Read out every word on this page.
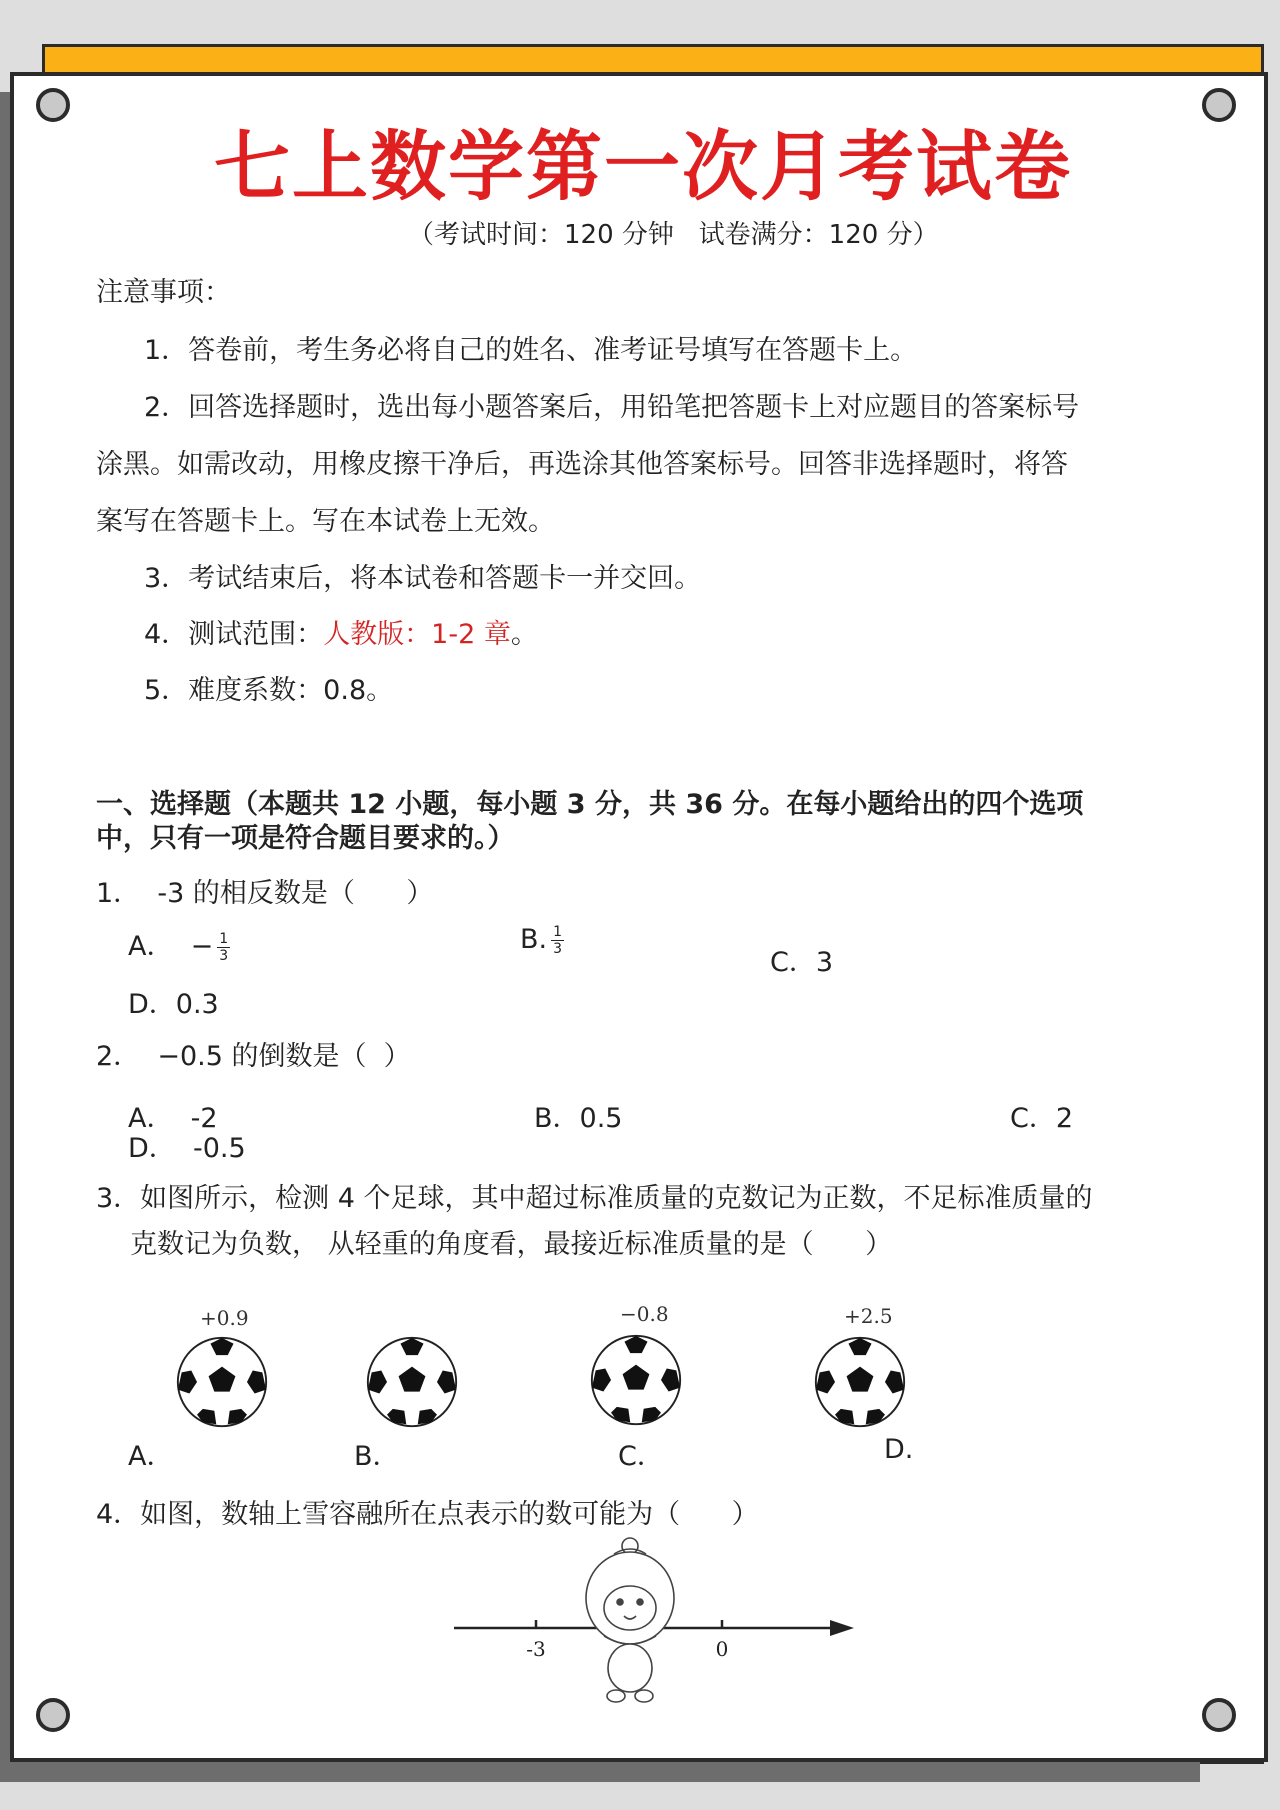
七上数学第一次月考试卷
（考试时间：120 分钟   试卷满分：120 分）
注意事项：
1．答卷前，考生务必将自己的姓名、准考证号填写在答题卡上。
2．回答选择题时，选出每小题答案后，用铅笔把答题卡上对应题目的答案标号
涂黑。如需改动，用橡皮擦干净后，再选涂其他答案标号。回答非选择题时，将答
案写在答题卡上。写在本试卷上无效。
3．考试结束后，将本试卷和答题卡一并交回。
4．测试范围：人教版：1-2 章。
5．难度系数：0.8。
一、选择题（本题共 12 小题，每小题 3 分，共 36 分。在每小题给出的四个选项
中，只有一项是符合题目要求的。）
1．  -3 的相反数是（      ）
A．  − $\frac{1}{3}$	B. $\frac{1}{3}$
C．3
D．0.3
2．  −0.5 的倒数是（  ）
A．  -2	B．0.5	C．2
D．  -0.5
3．如图所示，检测 4 个足球，其中超过标准质量的克数记为正数，不足标准质量的
克数记为负数， 从轻重的角度看，最接近标准质量的是（      ）
+0.9	−0.8	+2.5
A．	B．	C．	D.
4．如图，数轴上雪容融所在点表示的数可能为（      ）
-3	0
